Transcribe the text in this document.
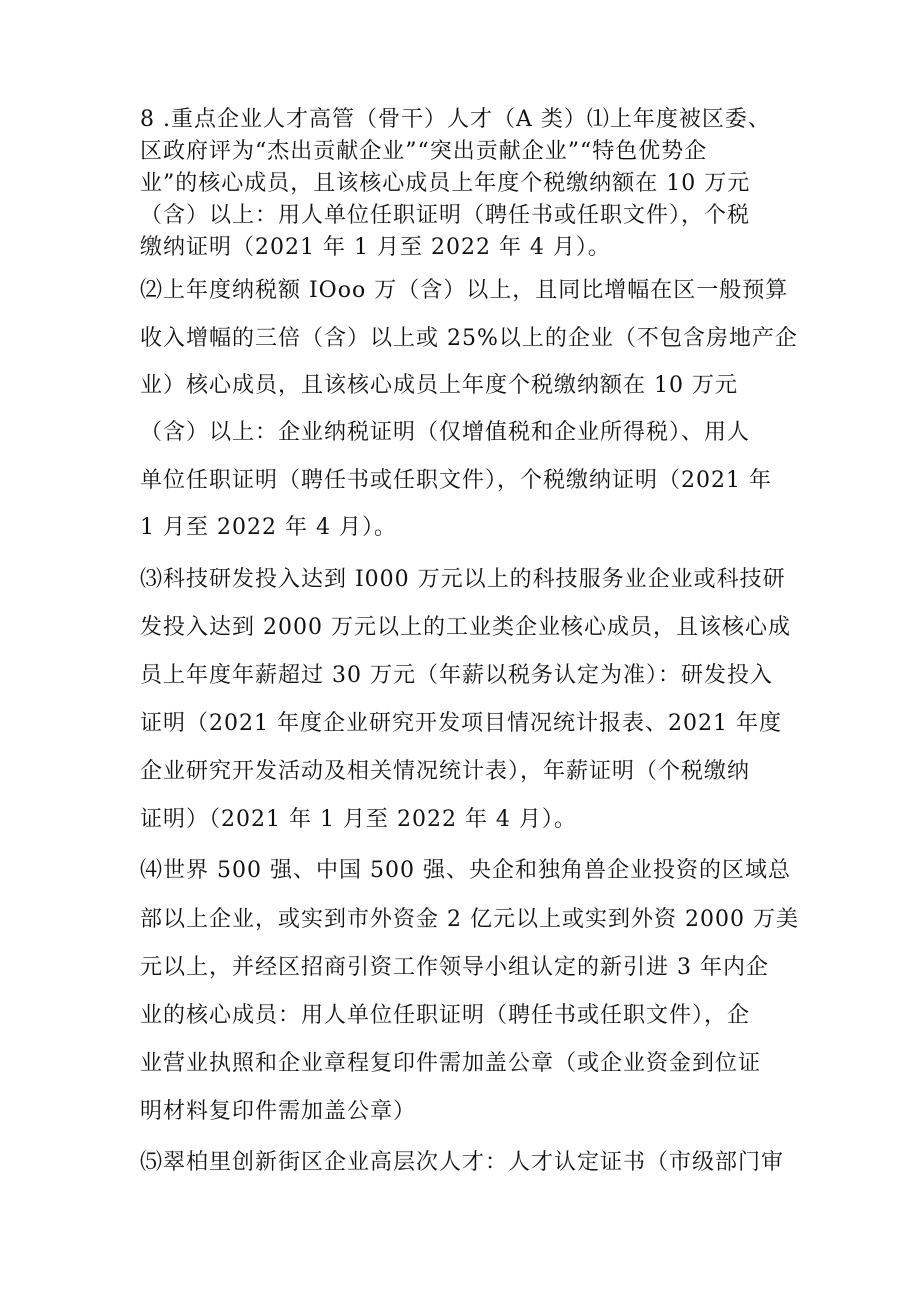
8 .重点企业人才高管（骨干）人才（A 类）⑴上年度被区委、
区政府评为“杰出贡献企业”“突出贡献企业”“特色优势企
业”的核心成员，且该核心成员上年度个税缴纳额在 10 万元
（含）以上：用人单位任职证明（聘任书或任职文件），个税
缴纳证明（2021 年 1 月至 2022 年 4 月）。
⑵上年度纳税额 IOoo 万（含）以上，且同比增幅在区一般预算
收入增幅的三倍（含）以上或 25%以上的企业（不包含房地产企
业）核心成员，且该核心成员上年度个税缴纳额在 10 万元
（含）以上：企业纳税证明（仅增值税和企业所得税）、用人
单位任职证明（聘任书或任职文件），个税缴纳证明（2021 年
1 月至 2022 年 4 月）。
⑶科技研发投入达到 I000 万元以上的科技服务业企业或科技研
发投入达到 2000 万元以上的工业类企业核心成员，且该核心成
员上年度年薪超过 30 万元（年薪以税务认定为准）：研发投入
证明（2021 年度企业研究开发项目情况统计报表、2021 年度
企业研究开发活动及相关情况统计表），年薪证明（个税缴纳
证明）（2021 年 1 月至 2022 年 4 月）。
⑷世界 500 强、中国 500 强、央企和独角兽企业投资的区域总
部以上企业，或实到市外资金 2 亿元以上或实到外资 2000 万美
元以上，并经区招商引资工作领导小组认定的新引进 3 年内企
业的核心成员：用人单位任职证明（聘任书或任职文件），企
业营业执照和企业章程复印件需加盖公章（或企业资金到位证
明材料复印件需加盖公章）
⑸翠柏里创新街区企业高层次人才：人才认定证书（市级部门审
